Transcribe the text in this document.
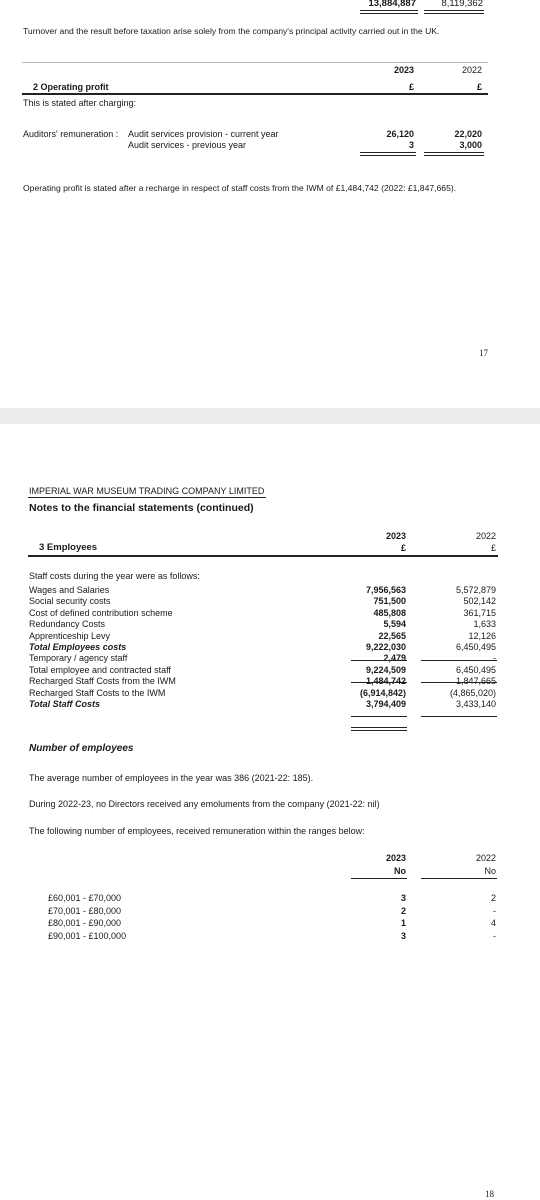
13,884,887	8,119,362
Turnover and the result before taxation arise solely from the company's principal activity carried out in the UK.
2023	2022
2 Operating profit	£	£
This is stated after charging:
Auditors' remuneration : Audit services provision - current year	26,120	22,020
Audit services - previous year	3	3,000
Operating profit is stated after a recharge in respect of staff costs from the IWM of £1,484,742 (2022: £1,847,665).
17
IMPERIAL WAR MUSEUM TRADING COMPANY LIMITED
Notes to the financial statements (continued)
2023	2022
3 Employees	£	£
Staff costs during the year were as follows:
Wages and Salaries	7,956,563	5,572,879
Social security costs	751,500	502,142
Cost of defined contribution scheme	485,808	361,715
Redundancy Costs	5,594	1,633
Apprenticeship Levy	22,565	12,126
Total Employees costs	9,222,030	6,450,495
Temporary / agency staff	2,479	-
Total employee and contracted staff	9,224,509	6,450,495
Recharged Staff Costs from the IWM	1,484,742	1,847,665
Recharged Staff Costs to the IWM	(6,914,842)	(4,865,020)
Total Staff Costs	3,794,409	3,433,140
Number of employees
The average number of employees in the year was 386 (2021-22: 185).
During 2022-23, no Directors received any emoluments from the company (2021-22: nil)
The following number of employees, received remuneration within the ranges below:
2023	2022
No	No
£60,001 - £70,000	3	2
£70,001 - £80,000	2	-
£80,001 - £90,000	1	4
£90,001 - £100,000	3	-
18
